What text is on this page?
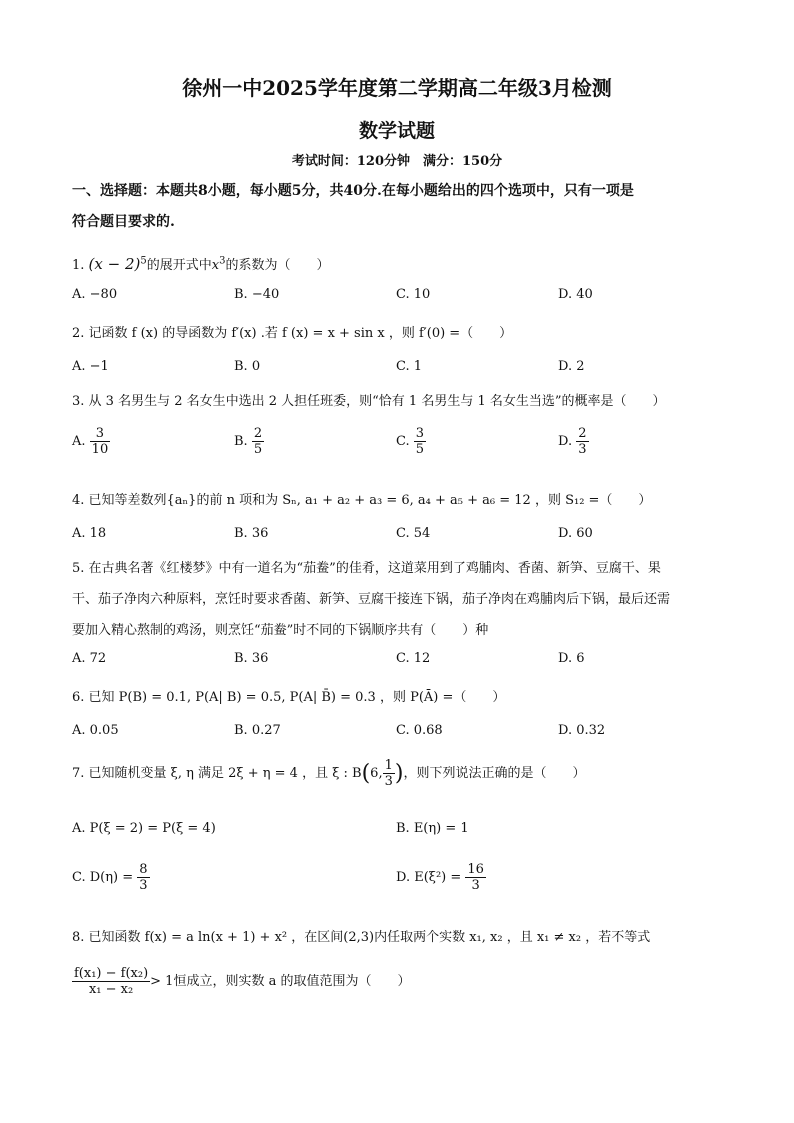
徐州一中2025学年度第二学期高二年级3月检测
数学试题
考试时间：120分钟　满分：150分
一、选择题：本题共8小题，每小题5分，共40分.在每小题给出的四个选项中，只有一项是
符合题目要求的.
1. $(x - 2)^5$的展开式中$x^3$的系数为（　　）
A. −80	B. −40	C. 10	D. 40
2. 记函数 f (x) 的导函数为 f′(x) .若 f (x) = x + sin x ，则 f′(0) =（　　）
A. −1	B. 0	C. 1	D. 2
3. 从 3 名男生与 2 名女生中选出 2 人担任班委，则“恰有 1 名男生与 1 名女生当选”的概率是（　　）
A. $\frac{3}{10}$	B. $\frac{2}{5}$	C. $\frac{3}{5}$	D. $\frac{2}{3}$
4. 已知等差数列{aₙ}的前 n 项和为 Sₙ, a₁ + a₂ + a₃ = 6, a₄ + a₅ + a₆ = 12 ，则 S₁₂ =（　　）
A. 18	B. 36	C. 54	D. 60
5. 在古典名著《红楼梦》中有一道名为“茄鲞”的佳肴，这道菜用到了鸡脯肉、香菌、新笋、豆腐干、果
干、茄子净肉六种原料，烹饪时要求香菌、新笋、豆腐干接连下锅，茄子净肉在鸡脯肉后下锅，最后还需
要加入精心熬制的鸡汤，则烹饪“茄鲞”时不同的下锅顺序共有（　　）种
A. 72	B. 36	C. 12	D. 6
6. 已知 P(B) = 0.1, P(A| B) = 0.5, P(A| B̄) = 0.3 ，则 P(Ā) =（　　）
A. 0.05	B. 0.27	C. 0.68	D. 0.32
7. 已知随机变量 ξ, η 满足 2ξ + η = 4 ，且 ξ : B(6, $\frac{1}{3}$ )，则下列说法正确的是（　　）
A. P(ξ = 2) = P(ξ = 4)	B. E(η) = 1
C. $D(\eta) = \frac{8}{3}$	D. $E(\xi^2) = \frac{16}{3}$
8. 已知函数 f(x) = a ln(x + 1) + x² ，在区间(2,3)内任取两个实数 x₁, x₂ ，且 x₁ ≠ x₂ ，若不等式
$\frac{\text{f(x₁) − f(x₂)}}{\text{x₁ − x₂}} > 1$恒成立，则实数 a 的取值范围为（　　）
